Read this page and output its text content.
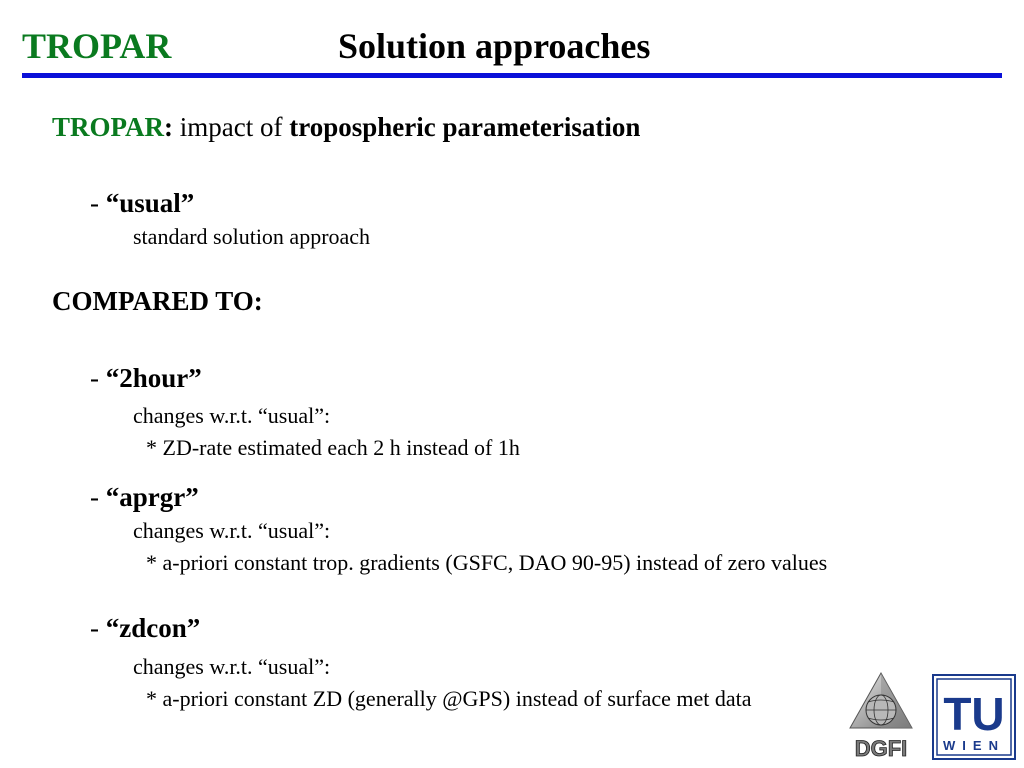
TROPAR	Solution approaches
TROPAR: impact of tropospheric parameterisation
- “usual”
standard solution approach
COMPARED TO:
- “2hour”
changes w.r.t. “usual”:
* ZD-rate estimated each 2 h instead of 1h
- “aprgr”
changes w.r.t. “usual”:
* a-priori constant trop. gradients (GSFC, DAO 90-95) instead of zero values
- “zdcon”
changes w.r.t. “usual”:
* a-priori constant ZD (generally @GPS) instead of surface met data
DGFI
TU
WIEN
